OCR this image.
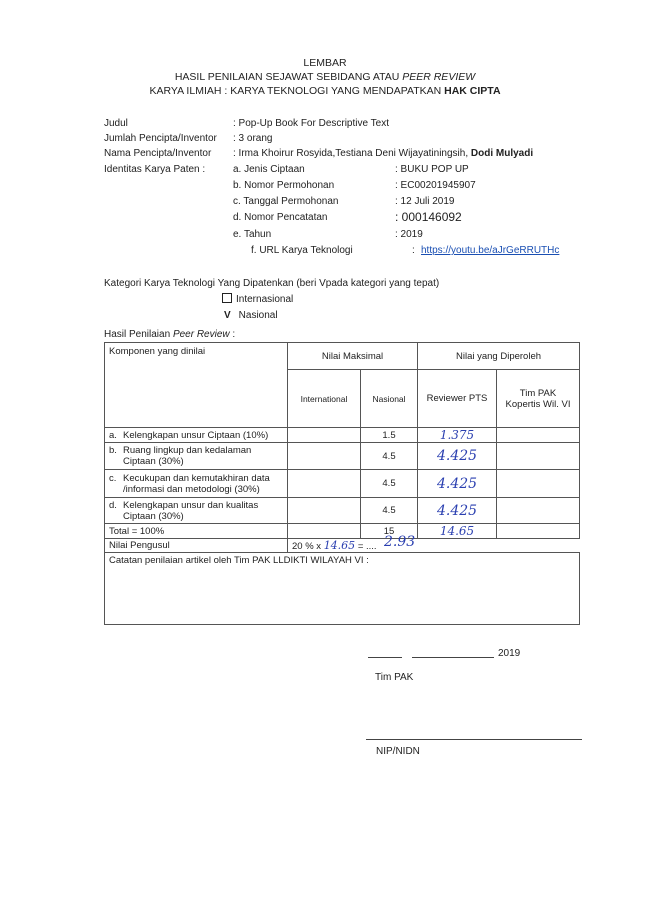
LEMBAR
HASIL PENILAIAN SEJAWAT SEBIDANG ATAU PEER REVIEW
KARYA ILMIAH : KARYA TEKNOLOGI YANG MENDAPATKAN HAK CIPTA
Judul	: Pop-Up Book For Descriptive Text
Jumlah Pencipta/Inventor : 3 orang
Nama Pencipta/Inventor : Irma Khoirur Rosyida,Testiana Deni Wijayatiningsih, Dodi Mulyadi
Identitas Karya Paten :	a. Jenis Ciptaan	: BUKU POP UP
b. Nomor Permohonan	: EC00201945907
c. Tanggal Permohonan	: 12 Juli 2019
d. Nomor Pencatatan	: 000146092
e. Tahun	: 2019
f. URL Karya Teknologi	: https://youtu.be/aJrGeRRUTHc
Kategori Karya Teknologi Yang Dipatenkan (beri Vpada kategori yang tepat)
Internasional
V Nasional
Hasil Penilaian Peer Review :
Komponen yang dinilai	Nilai Maksimal		Nilai yang Diperoleh	
	International	Nasional	Reviewer PTS	Tim PAK
Kopertis Wil. VI

a. Kelengkapan unsur Ciptaan (10%)		1.5	1.375	

b. Ruang lingkup dan kedalaman
Ciptaan (30%)		4.5	4.425	

c. Kecukupan dan kemutakhiran data
/informasi dan metodologi (30%)		4.5	4.425	

d. Kelengkapan unsur dan kualitas
Ciptaan (30%)		4.5	4.425	
Total = 100%		15	14.65	
Nilai Pengusul	20 % x 14.65 = .... 2.93			

Catatan penilaian artikel oleh Tim PAK LLDIKTI WILAYAH VI :				
2019
Tim PAK
NIP/NIDN
